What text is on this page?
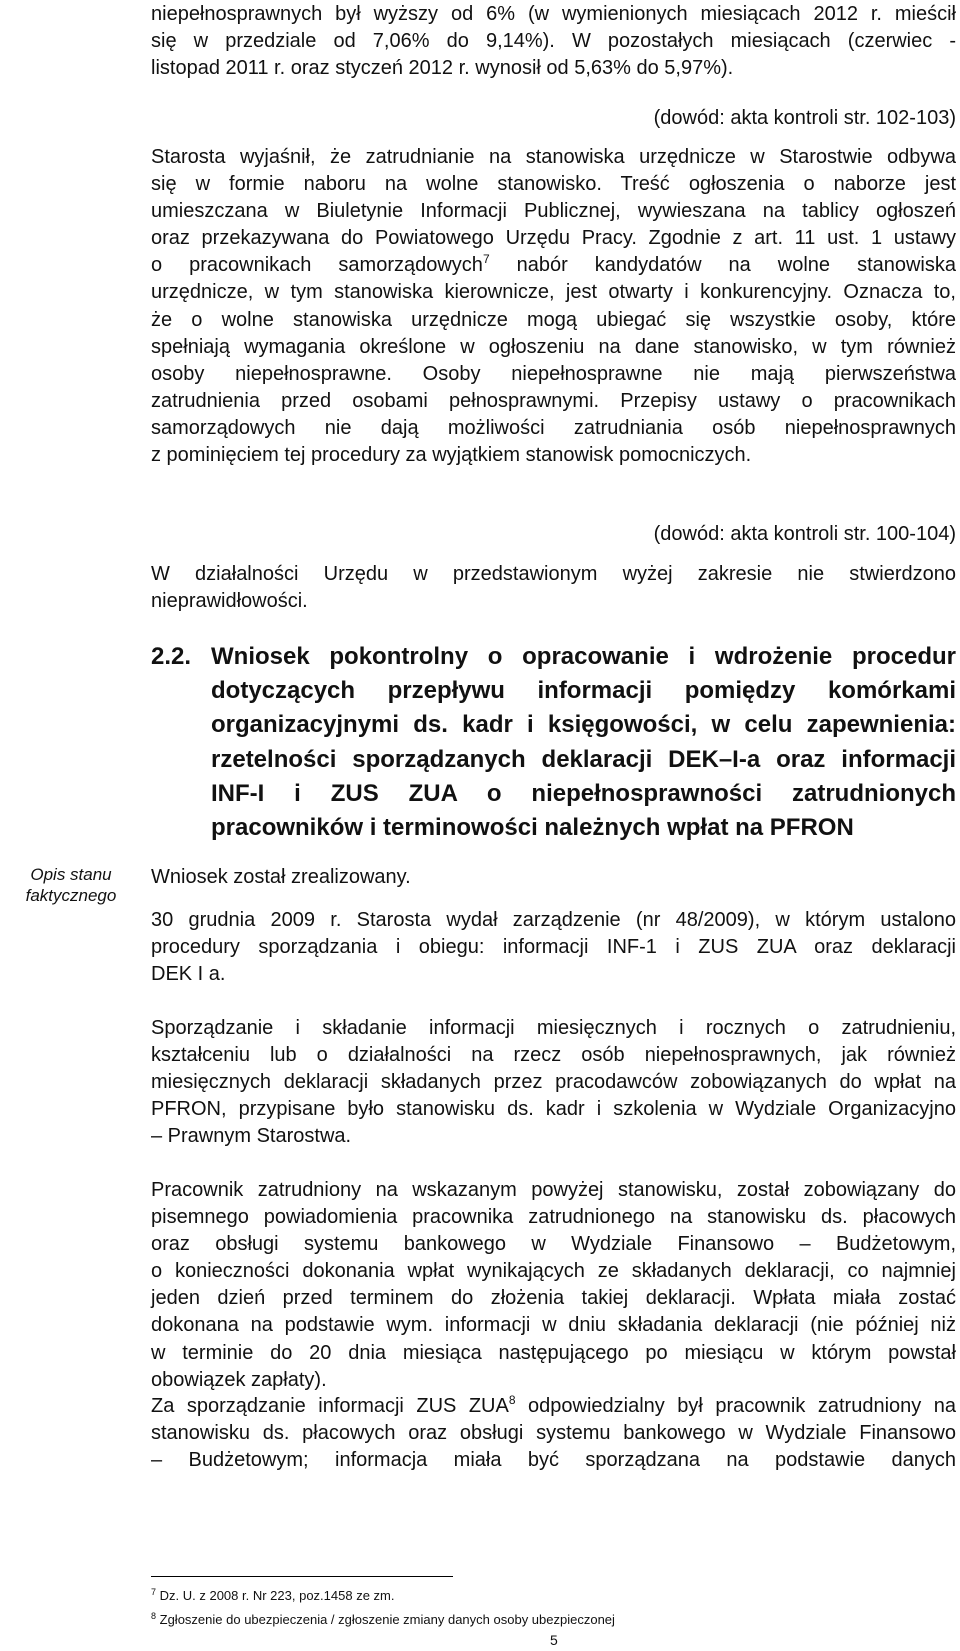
Opis stanu
faktycznego
niepełnosprawnych był wyższy od 6% (w wymienionych miesiącach 2012 r. mieścił
się w przedziale od 7,06% do 9,14%). W pozostałych miesiącach (czerwiec -
listopad 2011 r. oraz styczeń 2012 r. wynosił od 5,63% do 5,97%).
(dowód: akta kontroli str. 102-103)
Starosta wyjaśnił, że zatrudnianie na stanowiska urzędnicze w Starostwie odbywa
się w formie naboru na wolne stanowisko. Treść ogłoszenia o naborze jest
umieszczana w Biuletynie Informacji Publicznej, wywieszana na tablicy ogłoszeń
oraz przekazywana do Powiatowego Urzędu Pracy. Zgodnie z art. 11 ust. 1 ustawy
o pracownikach samorządowych$^7$ nabór kandydatów na wolne stanowiska
urzędnicze, w tym stanowiska kierownicze, jest otwarty i konkurencyjny. Oznacza to,
że o wolne stanowiska urzędnicze mogą ubiegać się wszystkie osoby, które
spełniają wymagania określone w ogłoszeniu na dane stanowisko, w tym również
osoby niepełnosprawne. Osoby niepełnosprawne nie mają pierwszeństwa
zatrudnienia przed osobami pełnosprawnymi. Przepisy ustawy o pracownikach
samorządowych nie dają możliwości zatrudniania osób niepełnosprawnych
z pominięciem tej procedury za wyjątkiem stanowisk pomocniczych.
(dowód: akta kontroli str. 100-104)
W działalności Urzędu w przedstawionym wyżej zakresie nie stwierdzono
nieprawidłowości.
2.2. Wniosek pokontrolny o opracowanie i wdrożenie procedur
dotyczących przepływu informacji pomiędzy komórkami
organizacyjnymi ds. kadr i księgowości, w celu zapewnienia:
rzetelności sporządzanych deklaracji DEK–I-a oraz informacji
INF-I i ZUS ZUA o niepełnosprawności zatrudnionych
pracowników i terminowości należnych wpłat na PFRON
Wniosek został zrealizowany.
30 grudnia 2009 r. Starosta wydał zarządzenie (nr 48/2009), w którym ustalono
procedury sporządzania i obiegu: informacji INF-1 i ZUS ZUA oraz deklaracji
DEK I a.
Sporządzanie i składanie informacji miesięcznych i rocznych o zatrudnieniu,
kształceniu lub o działalności na rzecz osób niepełnosprawnych, jak również
miesięcznych deklaracji składanych przez pracodawców zobowiązanych do wpłat na
PFRON, przypisane było stanowisku ds. kadr i szkolenia w Wydziale Organizacyjno
– Prawnym Starostwa.
Pracownik zatrudniony na wskazanym powyżej stanowisku, został zobowiązany do
pisemnego powiadomienia pracownika zatrudnionego na stanowisku ds. płacowych
oraz obsługi systemu bankowego w Wydziale Finansowo – Budżetowym,
o konieczności dokonania wpłat wynikających ze składanych deklaracji, co najmniej
jeden dzień przed terminem do złożenia takiej deklaracji. Wpłata miała zostać
dokonana na podstawie wym. informacji w dniu składania deklaracji (nie później niż
w terminie do 20 dnia miesiąca następującego po miesiącu w którym powstał
obowiązek zapłaty).
Za sporządzanie informacji ZUS ZUA$^8$ odpowiedzialny był pracownik zatrudniony na
stanowisku ds. płacowych oraz obsługi systemu bankowego w Wydziale Finansowo
– Budżetowym; informacja miała być sporządzana na podstawie danych
$^7$ Dz. U. z 2008 r. Nr 223, poz.1458 ze zm.
$^8$ Zgłoszenie do ubezpieczenia / zgłoszenie zmiany danych osoby ubezpieczonej
5
